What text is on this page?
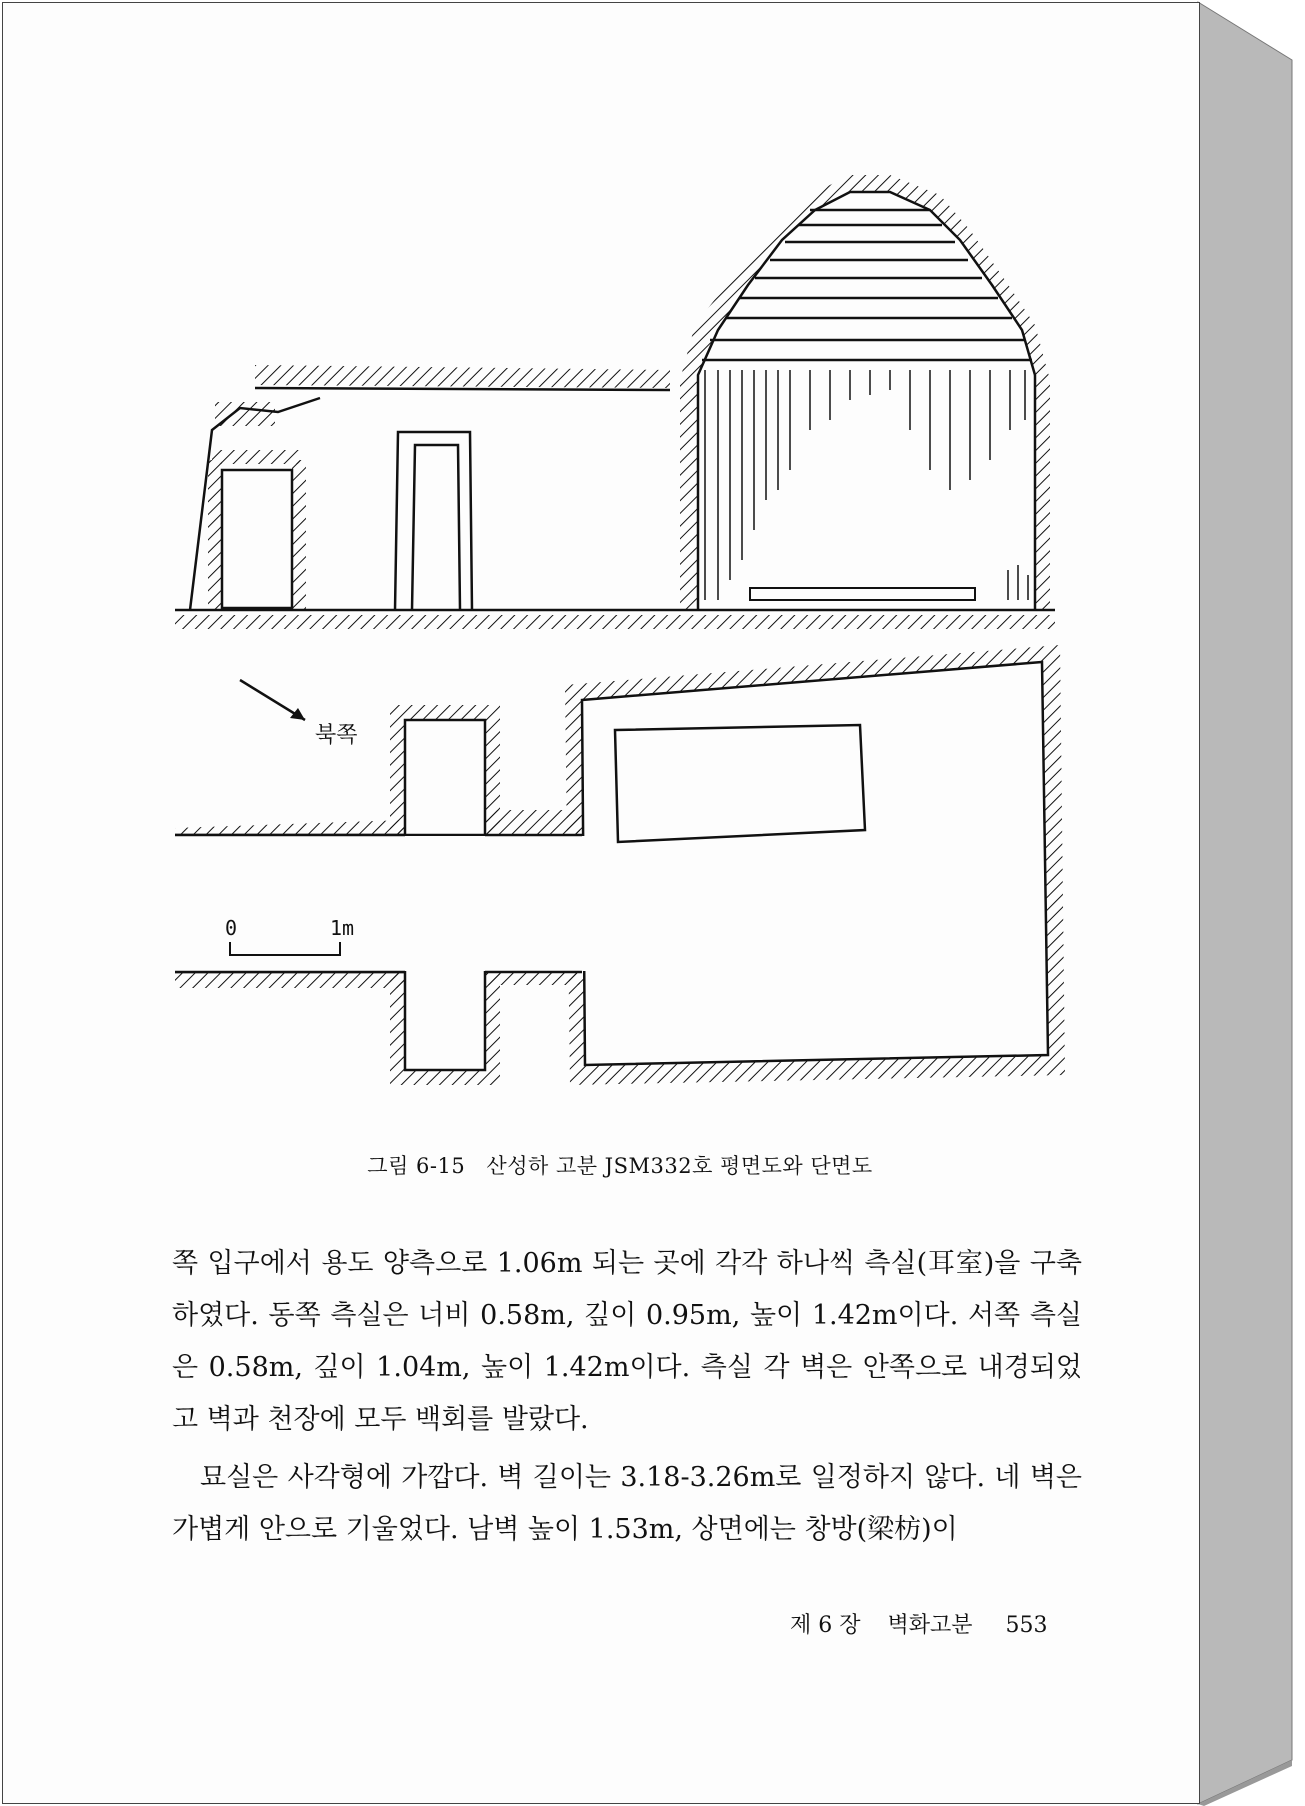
북쪽
0	1m
그림 6-15 산성하 고분 JSM332호 평면도와 단면도

쪽 입구에서 용도 양측으로 1.06m 되는 곳에 각각 하나씩 측실(耳室)을 구축하였다. 동쪽 측실은 너비 0.58m, 깊이 0.95m, 높이 1.42m이다. 서쪽 측실은 0.58m, 깊이 1.04m, 높이 1.42m이다. 측실 각 벽은 안쪽으로 내경되었고 벽과 천장에 모두 백회를 발랐다.

묘실은 사각형에 가깝다. 벽 길이는 3.18-3.26m로 일정하지 않다. 네 벽은 가볍게 안으로 기울었다. 남벽 높이 1.53m, 상면에는 창방(梁枋)이

제 6 장 벽화고분 553
